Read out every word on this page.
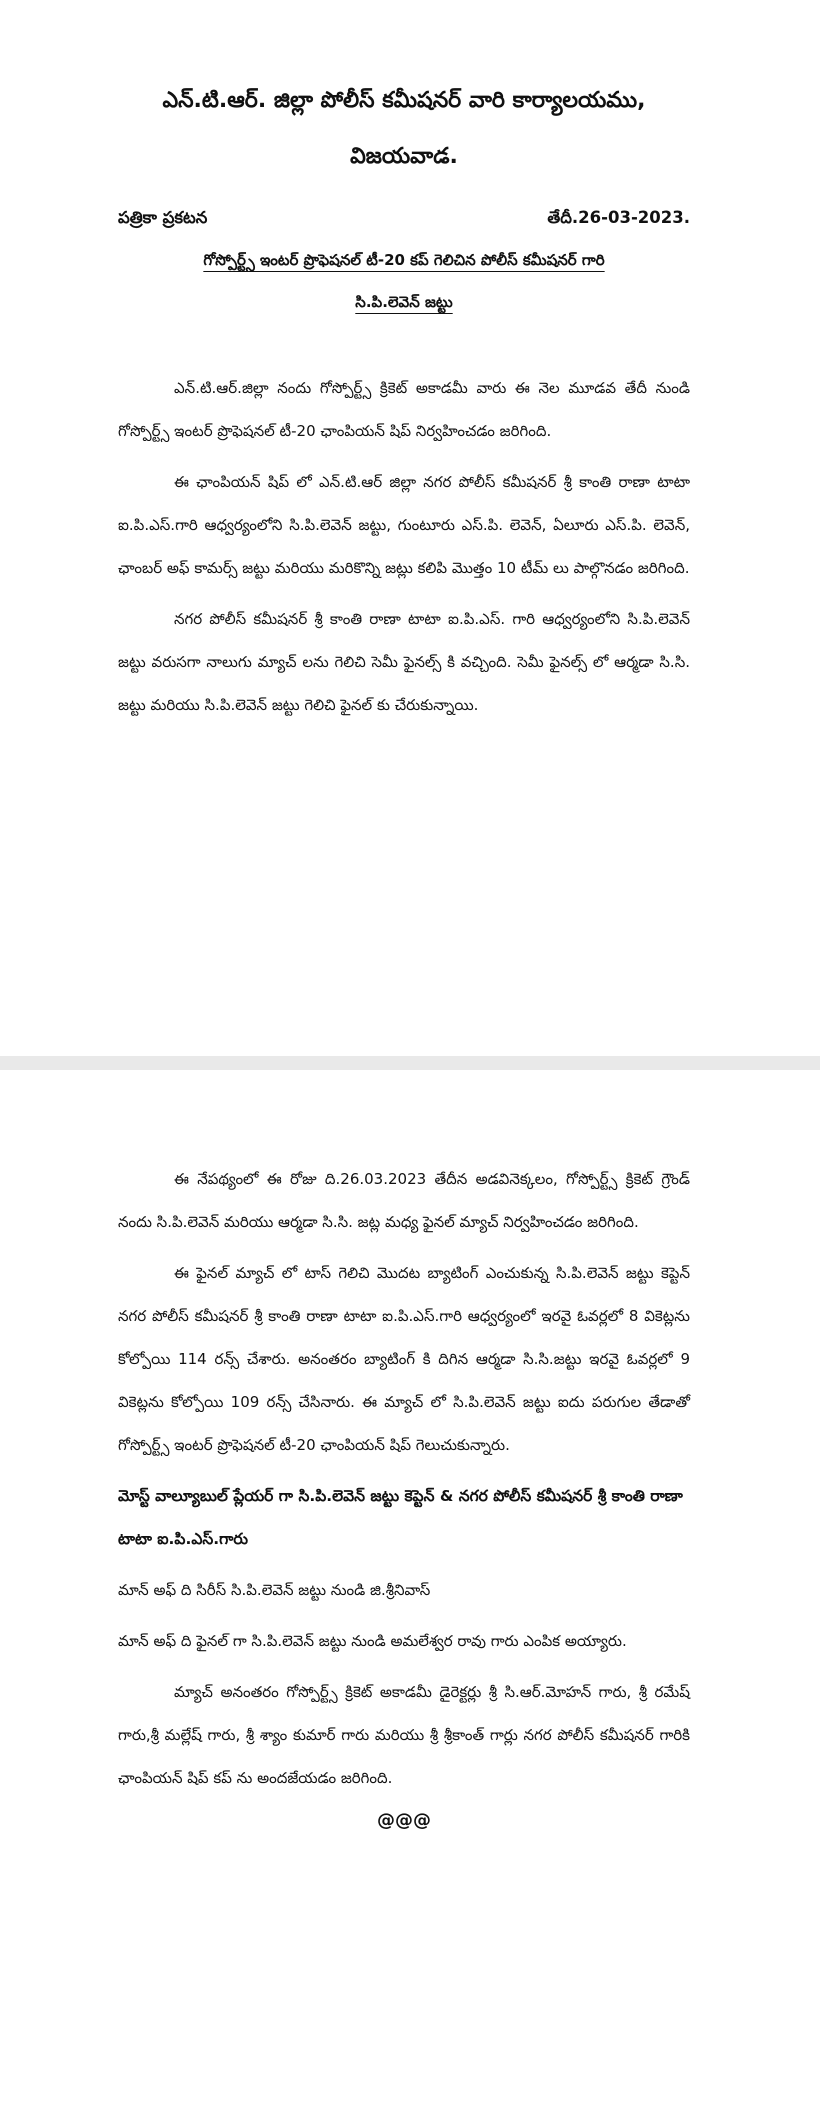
ఎన్.టి.ఆర్. జిల్లా పోలీస్ కమీషనర్ వారి కార్యాలయము,

విజయవాడ.

పత్రికా ప్రకటన	తేదీ.26-03-2023.
గోస్పోర్ట్స్ ఇంటర్ ప్రొఫెషనల్ టీ-20 కప్ గెలిచిన పోలీస్ కమీషనర్ గారి
సి.పి.లెవెన్ జట్టు

ఎన్.టి.ఆర్.జిల్లా నందు గోస్పోర్ట్స్ క్రికెట్ అకాడమీ వారు ఈ నెల మూడవ తేదీ నుండి గోస్పోర్ట్స్ ఇంటర్ ప్రొఫెషనల్ టీ-20 ఛాంపియన్ షిప్ నిర్వహించడం జరిగింది.

ఈ ఛాంపియన్ షిప్ లో ఎన్.టి.ఆర్ జిల్లా నగర పోలీస్ కమీషనర్ శ్రీ కాంతి రాణా టాటా ఐ.పి.ఎస్.గారి ఆధ్వర్యంలోని సి.పి.లెవెన్ జట్టు, గుంటూరు ఎస్.పి. లెవెన్, ఏలూరు ఎస్.పి. లెవెన్, ఛాంబర్ అఫ్ కామర్స్ జట్టు మరియు మరికొన్ని జట్లు కలిపి మొత్తం 10 టీమ్ లు పాల్గొనడం జరిగింది.

నగర పోలీస్ కమీషనర్ శ్రీ కాంతి రాణా టాటా ఐ.పి.ఎస్. గారి ఆధ్వర్యంలోని సి.పి.లెవెన్ జట్టు వరుసగా నాలుగు మ్యాచ్ లను గెలిచి సెమీ ఫైనల్స్ కి వచ్చింది. సెమీ ఫైనల్స్ లో ఆర్మడా సి.సి. జట్టు మరియు సి.పి.లెవెన్ జట్టు గెలిచి ఫైనల్ కు చేరుకున్నాయి.

ఈ నేపథ్యంలో ఈ రోజు ది.26.03.2023 తేదీన అడవినెక్కలం, గోస్పోర్ట్స్ క్రికెట్ గ్రౌండ్ నందు సి.పి.లెవెన్ మరియు ఆర్మడా సి.సి. జట్ల మధ్య ఫైనల్ మ్యాచ్ నిర్వహించడం జరిగింది.

ఈ ఫైనల్ మ్యాచ్ లో టాస్ గెలిచి మొదట బ్యాటింగ్ ఎంచుకున్న సి.పి.లెవెన్ జట్టు కెప్టెన్ నగర పోలీస్ కమీషనర్ శ్రీ కాంతి రాణా టాటా ఐ.పి.ఎస్.గారి ఆధ్వర్యంలో ఇరవై ఓవర్లలో 8 వికెట్లను కోల్పోయి 114 రన్స్ చేశారు. అనంతరం బ్యాటింగ్ కి దిగిన ఆర్మడా సి.సి.జట్టు ఇరవై ఓవర్లలో 9 వికెట్లను కోల్పోయి 109 రన్స్ చేసినారు. ఈ మ్యాచ్ లో సి.పి.లెవెన్ జట్టు ఐదు పరుగుల తేడాతో గోస్పోర్ట్స్ ఇంటర్ ప్రొఫెషనల్ టీ-20 ఛాంపియన్ షిప్ గెలుచుకున్నారు.

మోస్ట్ వాల్యూబుల్ ప్లేయర్ గా సి.పి.లెవెన్ జట్టు కెప్టెన్ & నగర పోలీస్ కమీషనర్ శ్రీ కాంతి రాణా టాటా ఐ.పి.ఎస్.గారు

మాన్ అఫ్ ది సిరీస్ సి.పి.లెవెన్ జట్టు నుండి జి.శ్రీనివాస్

మాన్ అఫ్ ది ఫైనల్ గా సి.పి.లెవెన్ జట్టు నుండి అమలేశ్వర రావు గారు ఎంపిక అయ్యారు.

మ్యాచ్ అనంతరం గోస్పోర్ట్స్ క్రికెట్ అకాడమీ డైరెక్టర్లు శ్రీ సి.ఆర్.మోహన్ గారు, శ్రీ రమేష్ గారు,శ్రీ మల్లేష్ గారు, శ్రీ శ్యాం కుమార్ గారు మరియు శ్రీ శ్రీకాంత్ గార్లు నగర పోలీస్ కమీషనర్ గారికి ఛాంపియన్ షిప్ కప్ ను అందజేయడం జరిగింది.

@@@
